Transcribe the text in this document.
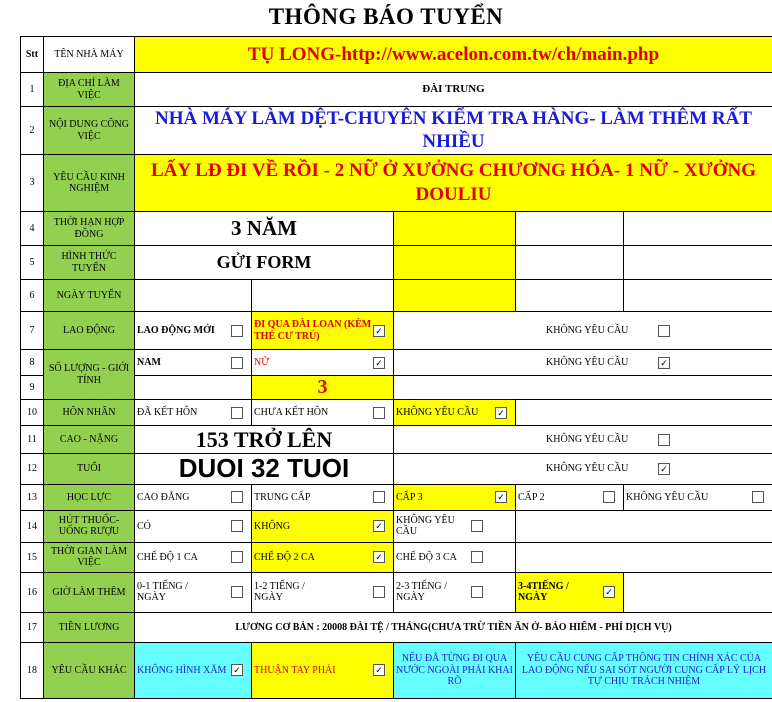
THÔNG BÁO TUYỂN
Stt	TÊN NHÀ MÁY	TỤ LONG-http://www.acelon.com.tw/ch/main.php				
1	ĐỊA CHỈ LÀM VIỆC	ĐÀI TRUNG				
2	NỘI DUNG CÔNG VIỆC	NHÀ MÁY LÀM DỆT-CHUYÊN KIỂM TRA HÀNG- LÀM THÊM RẤT NHIỀU				
3	YÊU CẦU KINH NGHIỆM	LẤY LĐ ĐI VỀ RỒI - 2 NỮ Ở XƯỞNG CHƯƠNG HÓA- 1 NỮ - XƯỞNG DOULIU				
4	THỜI HẠN HỢP ĐỒNG	3 NĂM				
5	HÌNH THỨC TUYỂN	GỬI FORM				
6	NGÀY TUYỂN					
7	LAO ĐỘNG	LAO ĐỘNG MỚI	ĐI QUA ĐÀI LOAN (KÈM THẺ CƯ TRÚ) ✓	KHÔNG YÊU CẦU		

8	SỐ LƯỢNG - GIỚI TÍNH	NAM	NỮ ✓	KHÔNG YÊU CẦU ✓		

9			3			
10	HÔN NHÂN	ĐÃ KẾT HÔN	CHƯA KẾT HÔN	KHÔNG YÊU CẦU ✓		

11	CAO - NẶNG	153 TRỞ LÊN		KHÔNG YÊU CẦU		

12	TUỔI	DUOI 32 TUOI		KHÔNG YÊU CẦU ✓		

13	HỌC LỰC	CAO ĐẲNG	TRUNG CẤP	CẤP 3 ✓	CẤP 2	KHÔNG YÊU CẦU

14	HÚT THUỐC- UỐNG RƯỢU	CÓ	KHÔNG ✓	KHÔNG YÊU CẦU		

15	THỜI GIAN LÀM VIỆC	CHẾ ĐỘ 1 CA	CHẾ ĐỘ 2 CA ✓	CHẾ ĐỘ 3 CA		

16	GIỜ LÀM THÊM	0-1 TIẾNG / NGÀY	1-2 TIẾNG / NGÀY	2-3 TIẾNG / NGÀY	3-4TIẾNG / NGÀY ✓	

17	TIỀN LƯƠNG	LƯƠNG CƠ BẢN : 20008 ĐÀI TỆ / THÁNG(CHƯA TRỪ TIỀN ĂN Ở- BẢO HIỂM - PHÍ DỊCH VỤ)				
18	YÊU CẦU KHÁC	KHÔNG HÌNH XĂM ✓	THUẬN TAY PHẢI ✓	NẾU ĐÃ TỪNG ĐI QUA NƯỚC NGOÀI PHẢI KHAI RÕ	YÊU CẦU CUNG CẤP THÔNG TIN CHÍNH XÁC CỦA LAO ĐỘNG NẾU SAI SÓT NGƯỜI CUNG CẤP LÝ LỊCH TỰ CHỊU TRÁCH NHIỆM	
